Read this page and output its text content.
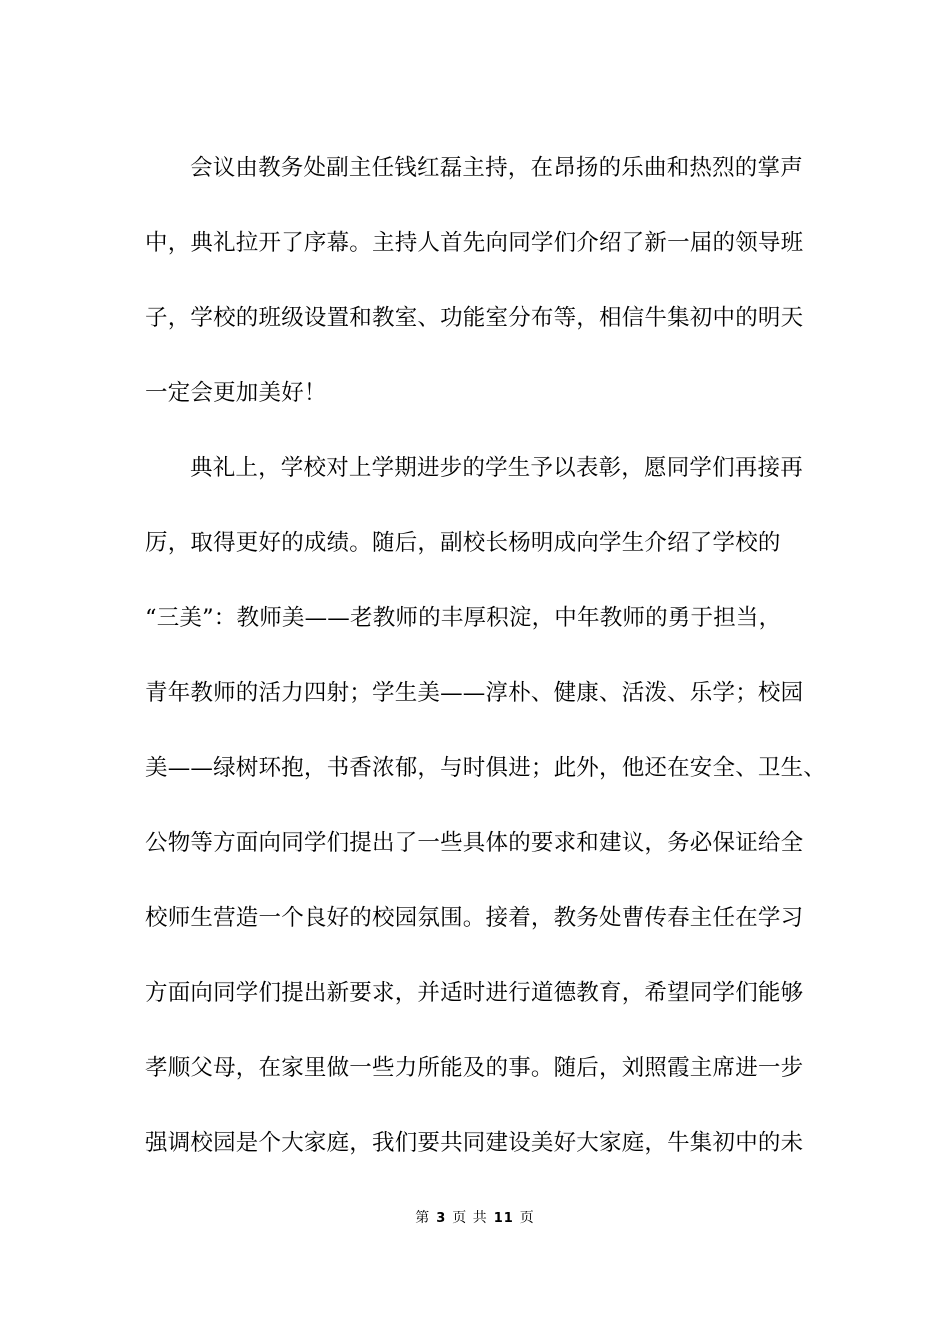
会议由教务处副主任钱红磊主持，在昂扬的乐曲和热烈的掌声
中，典礼拉开了序幕。主持人首先向同学们介绍了新一届的领导班
子，学校的班级设置和教室、功能室分布等，相信牛集初中的明天
一定会更加美好！
典礼上，学校对上学期进步的学生予以表彰，愿同学们再接再
厉，取得更好的成绩。随后，副校长杨明成向学生介绍了学校的
“三美”：教师美——老教师的丰厚积淀，中年教师的勇于担当，
青年教师的活力四射；学生美——淳朴、健康、活泼、乐学；校园
美——绿树环抱，书香浓郁，与时俱进；此外，他还在安全、卫生、
公物等方面向同学们提出了一些具体的要求和建议，务必保证给全
校师生营造一个良好的校园氛围。接着，教务处曹传春主任在学习
方面向同学们提出新要求，并适时进行道德教育，希望同学们能够
孝顺父母，在家里做一些力所能及的事。随后，刘照霞主席进一步
强调校园是个大家庭，我们要共同建设美好大家庭，牛集初中的未
第 3 页 共 11 页
